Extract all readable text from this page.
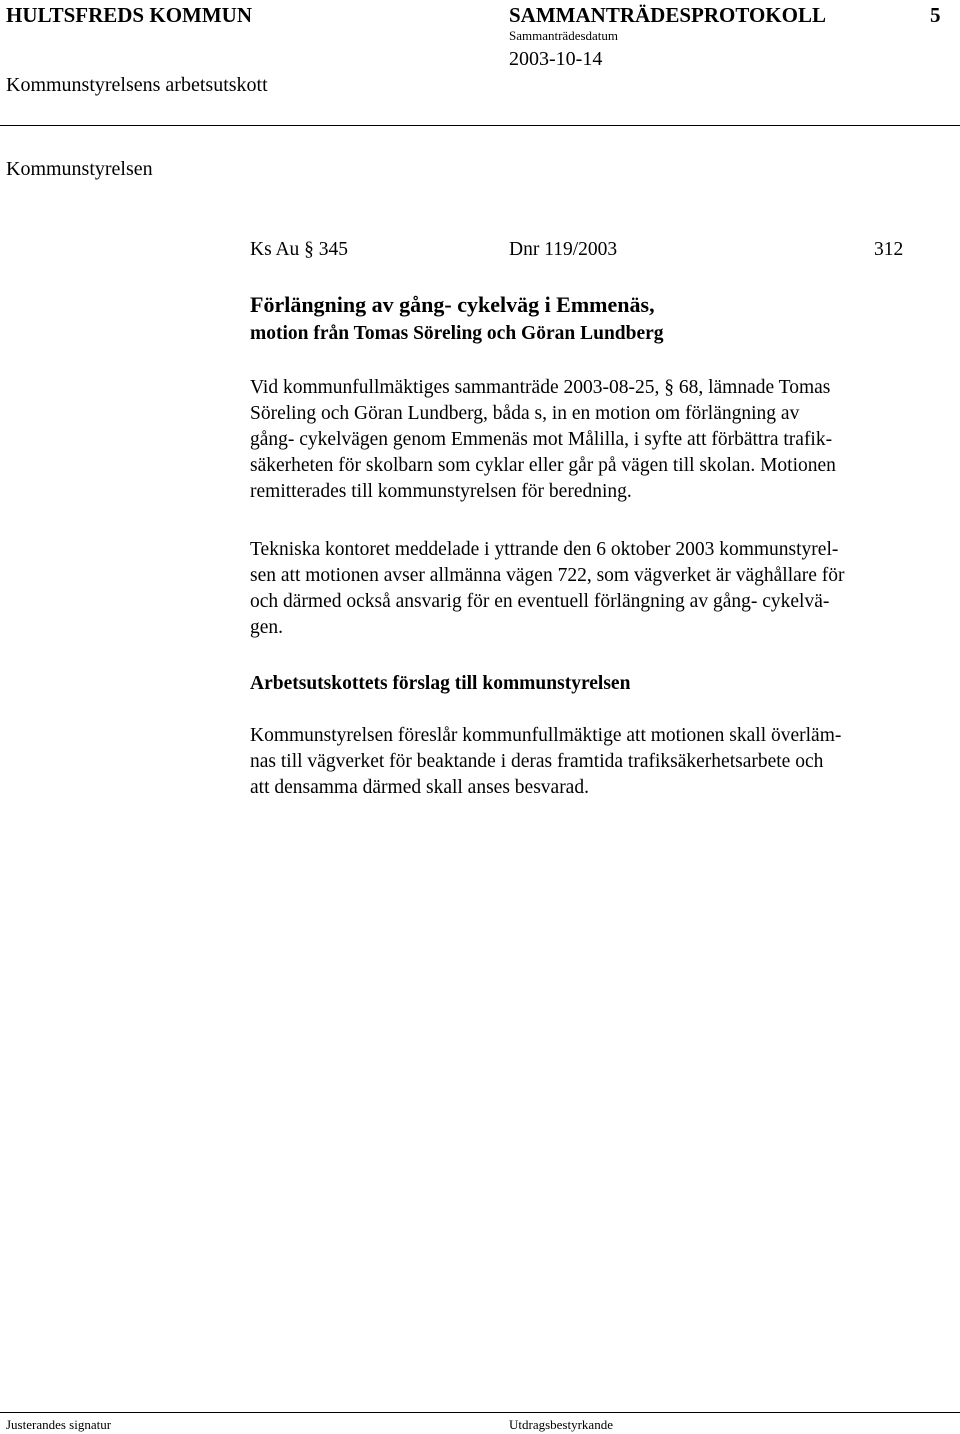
HULTSFREDS KOMMUN	SAMMANTRÄDESPROTOKOLL	5
Sammanträdesdatum
2003-10-14
Kommunstyrelsens arbetsutskott
Kommunstyrelsen
Ks Au § 345	Dnr 119/2003	312
Förlängning av gång- cykelväg i Emmenäs,
motion från Tomas Söreling och Göran Lundberg
Vid kommunfullmäktiges sammanträde 2003-08-25, § 68, lämnade Tomas
Söreling och Göran Lundberg, båda s, in en motion om förlängning av
gång- cykelvägen genom Emmenäs mot Målilla, i syfte att förbättra trafik-
säkerheten för skolbarn som cyklar eller går på vägen till skolan. Motionen
remitterades till kommunstyrelsen för beredning.
Tekniska kontoret meddelade i yttrande den 6 oktober 2003 kommunstyrel-
sen att motionen avser allmänna vägen 722, som vägverket är väghållare för
och därmed också ansvarig för en eventuell förlängning av gång- cykelvä-
gen.
Arbetsutskottets förslag till kommunstyrelsen
Kommunstyrelsen föreslår kommunfullmäktige att motionen skall överläm-
nas till vägverket för beaktande i deras framtida trafiksäkerhetsarbete och
att densamma därmed skall anses besvarad.
Justerandes signatur	Utdragsbestyrkande
